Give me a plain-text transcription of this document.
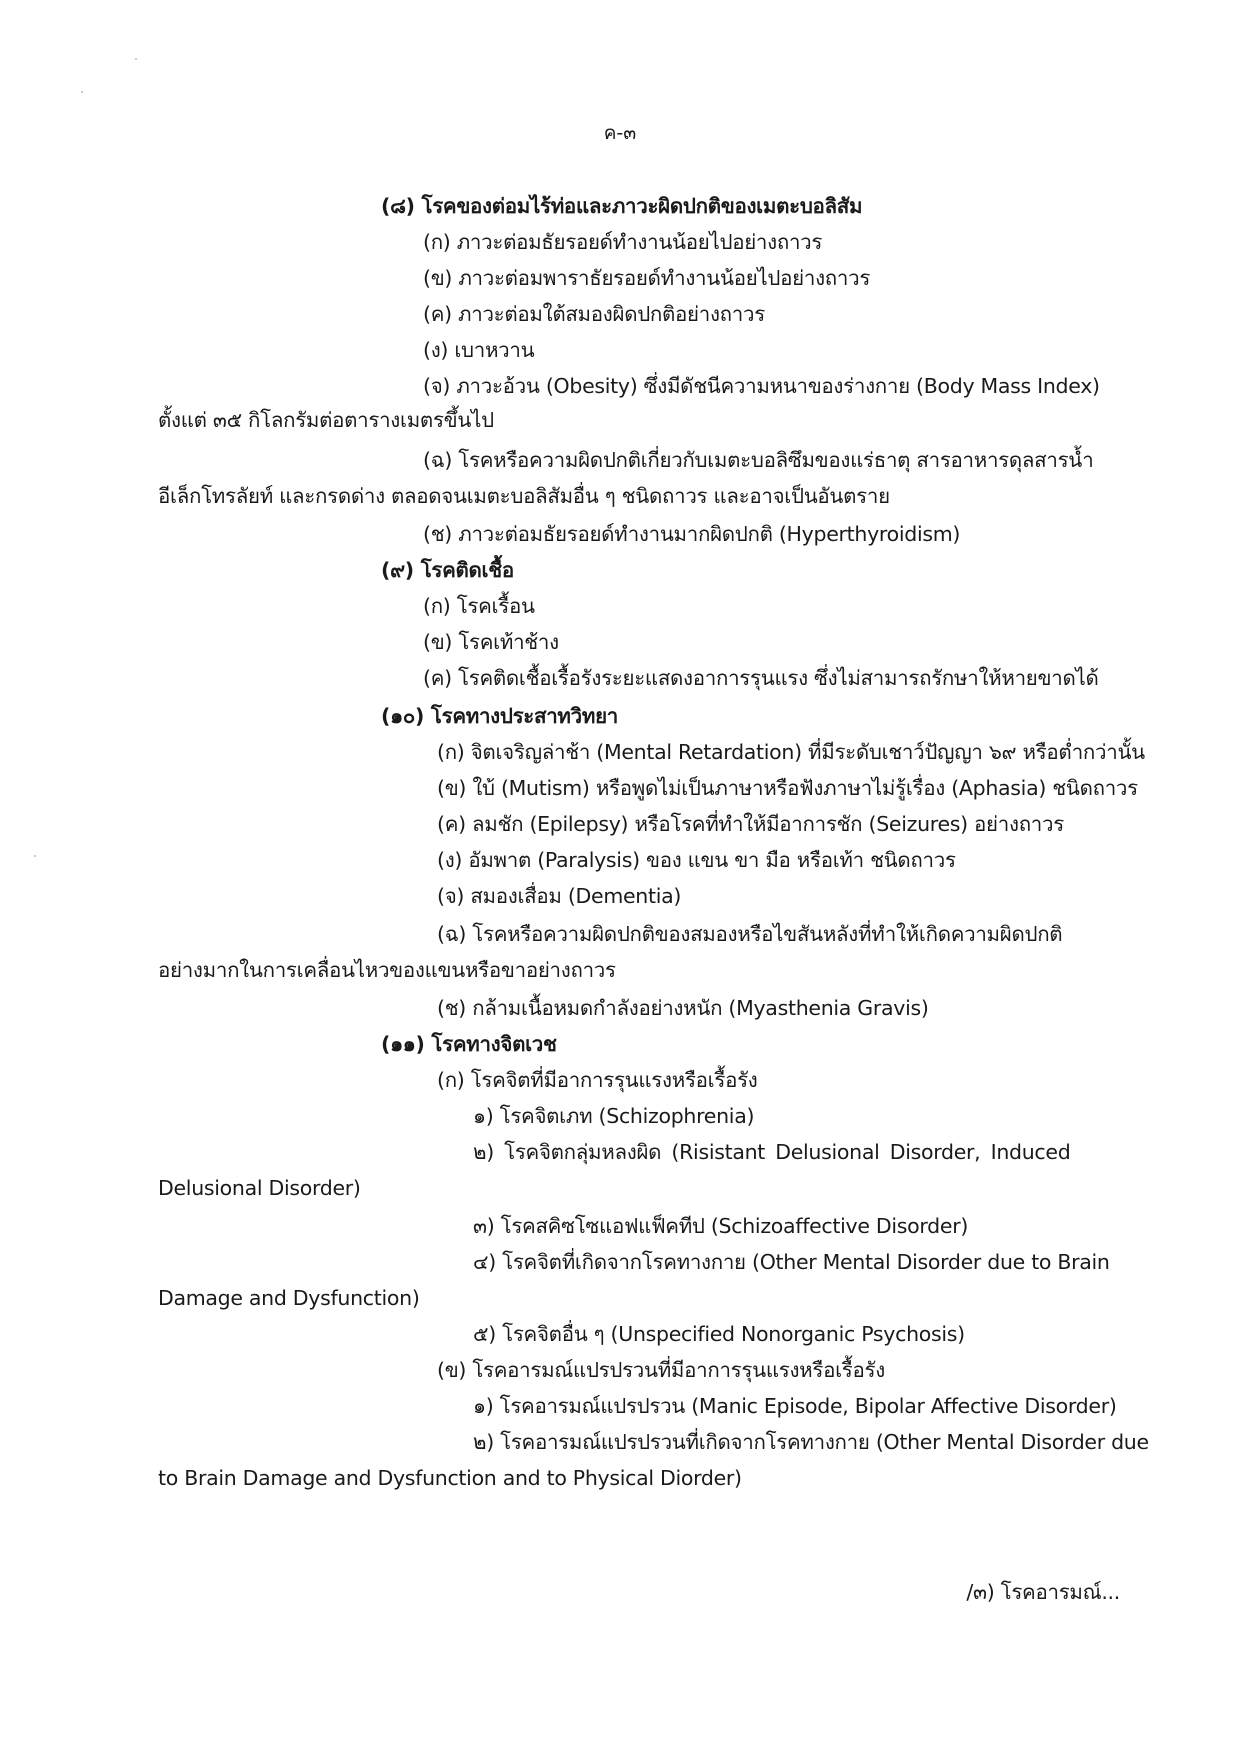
ค-๓
(๘) โรคของต่อมไร้ท่อและภาวะผิดปกติของเมตะบอลิสัม
(ก) ภาวะต่อมธัยรอยด์ทำงานน้อยไปอย่างถาวร
(ข) ภาวะต่อมพาราธัยรอยด์ทำงานน้อยไปอย่างถาวร
(ค) ภาวะต่อมใต้สมองผิดปกติอย่างถาวร
(ง) เบาหวาน
(จ) ภาวะอ้วน (Obesity) ซึ่งมีดัชนีความหนาของร่างกาย (Body Mass Index)
ตั้งแต่ ๓๕ กิโลกรัมต่อตารางเมตรขึ้นไป
(ฉ) โรคหรือความผิดปกติเกี่ยวกับเมตะบอลิซึมของแร่ธาตุ สารอาหารดุลสารน้ำ
อีเล็กโทรลัยท์ และกรดด่าง ตลอดจนเมตะบอลิสัมอื่น ๆ ชนิดถาวร และอาจเป็นอันตราย
(ช) ภาวะต่อมธัยรอยด์ทำงานมากผิดปกติ (Hyperthyroidism)
(๙) โรคติดเชื้อ
(ก) โรคเรื้อน
(ข) โรคเท้าช้าง
(ค) โรคติดเชื้อเรื้อรังระยะแสดงอาการรุนแรง ซึ่งไม่สามารถรักษาให้หายขาดได้
(๑๐) โรคทางประสาทวิทยา
(ก) จิตเจริญล่าช้า (Mental Retardation) ที่มีระดับเชาว์ปัญญา ๖๙ หรือต่ำกว่านั้น
(ข) ใบ้ (Mutism) หรือพูดไม่เป็นภาษาหรือฟังภาษาไม่รู้เรื่อง (Aphasia) ชนิดถาวร
(ค) ลมชัก (Epilepsy) หรือโรคที่ทำให้มีอาการชัก (Seizures) อย่างถาวร
(ง) อัมพาต (Paralysis) ของ แขน ขา มือ หรือเท้า ชนิดถาวร
(จ) สมองเสื่อม (Dementia)
(ฉ) โรคหรือความผิดปกติของสมองหรือไขสันหลังที่ทำให้เกิดความผิดปกติ
อย่างมากในการเคลื่อนไหวของแขนหรือขาอย่างถาวร
(ช) กล้ามเนื้อหมดกำลังอย่างหนัก (Myasthenia Gravis)
(๑๑) โรคทางจิตเวช
(ก) โรคจิตที่มีอาการรุนแรงหรือเรื้อรัง
๑) โรคจิตเภท (Schizophrenia)
๒) โรคจิตกลุ่มหลงผิด (Risistant Delusional Disorder, Induced
Delusional Disorder)
๓) โรคสคิซโซแอฟแฟ็คทีป (Schizoaffective Disorder)
๔) โรคจิตที่เกิดจากโรคทางกาย (Other Mental Disorder due to Brain
Damage and Dysfunction)
๕) โรคจิตอื่น ๆ (Unspecified Nonorganic Psychosis)
(ข) โรคอารมณ์แปรปรวนที่มีอาการรุนแรงหรือเรื้อรัง
๑) โรคอารมณ์แปรปรวน (Manic Episode, Bipolar Affective Disorder)
๒) โรคอารมณ์แปรปรวนที่เกิดจากโรคทางกาย (Other Mental Disorder due
to Brain Damage and Dysfunction and to Physical Diorder)
/๓) โรคอารมณ์...
